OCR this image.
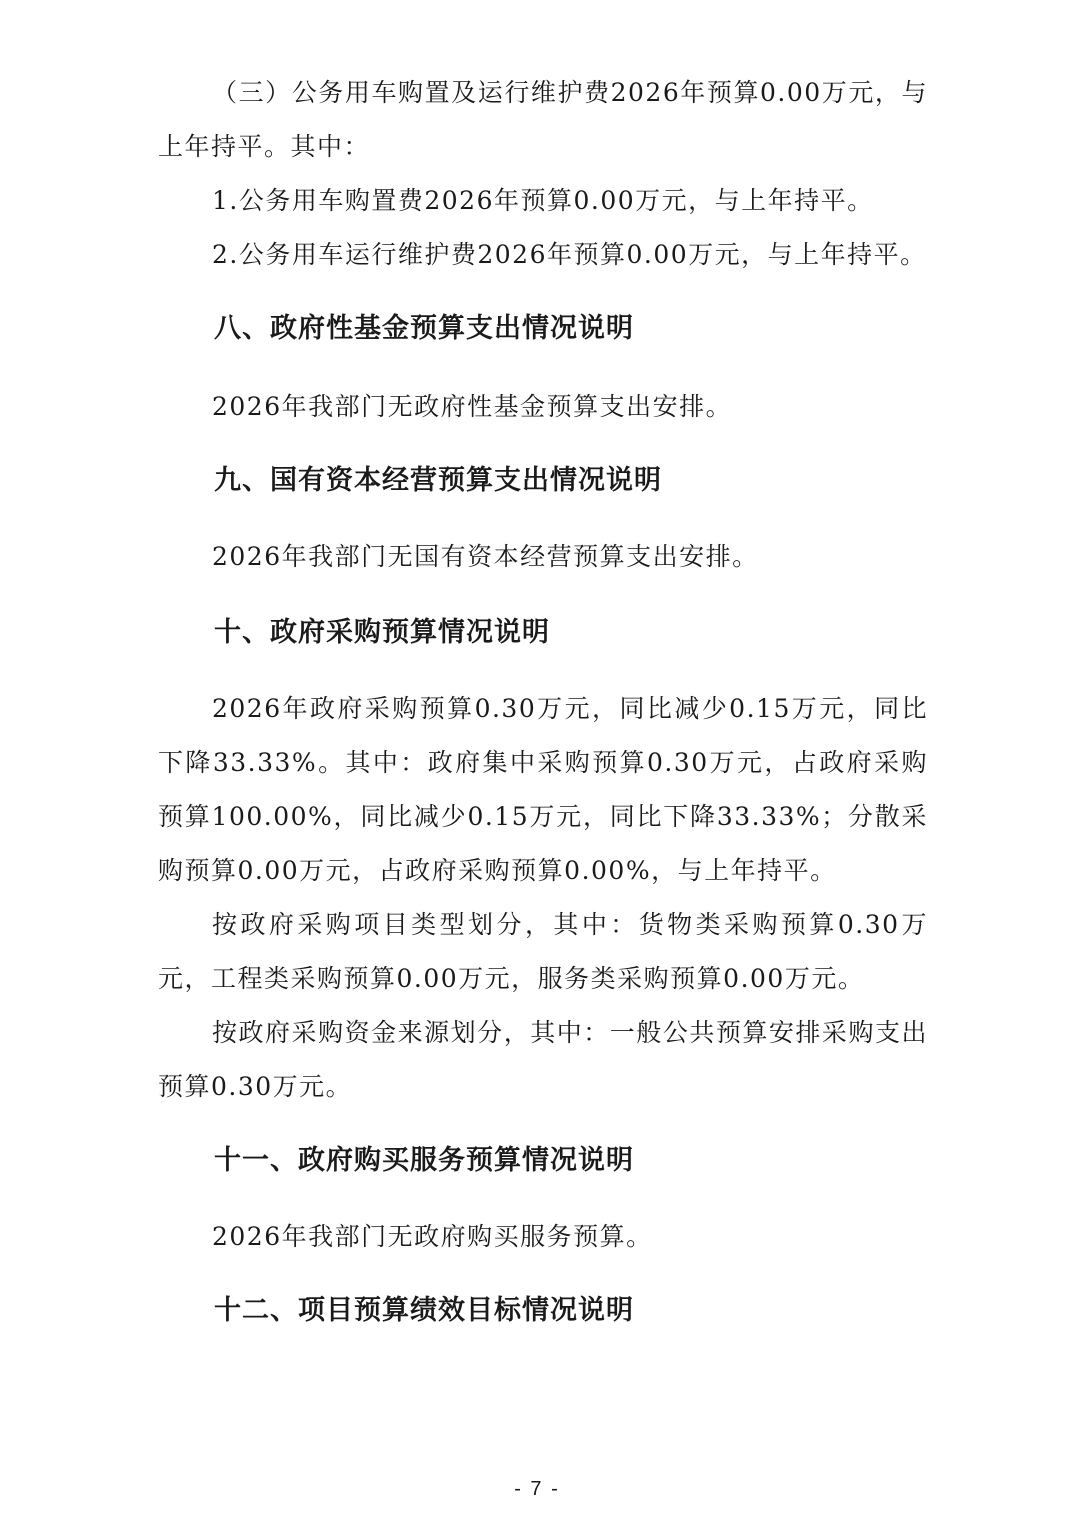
（三）公务用车购置及运行维护费2026年预算0.00万元，与上年持平。其中：

1.公务用车购置费2026年预算0.00万元，与上年持平。

2.公务用车运行维护费2026年预算0.00万元，与上年持平。

八、政府性基金预算支出情况说明

2026年我部门无政府性基金预算支出安排。

九、国有资本经营预算支出情况说明

2026年我部门无国有资本经营预算支出安排。

十、政府采购预算情况说明

2026年政府采购预算0.30万元，同比减少0.15万元，同比下降33.33%。其中：政府集中采购预算0.30万元，占政府采购预算100.00%，同比减少0.15万元，同比下降33.33%；分散采购预算0.00万元，占政府采购预算0.00%，与上年持平。

按政府采购项目类型划分，其中：货物类采购预算0.30万元，工程类采购预算0.00万元，服务类采购预算0.00万元。

按政府采购资金来源划分，其中：一般公共预算安排采购支出预算0.30万元。

十一、政府购买服务预算情况说明

2026年我部门无政府购买服务预算。

十二、项目预算绩效目标情况说明
- 7 -
